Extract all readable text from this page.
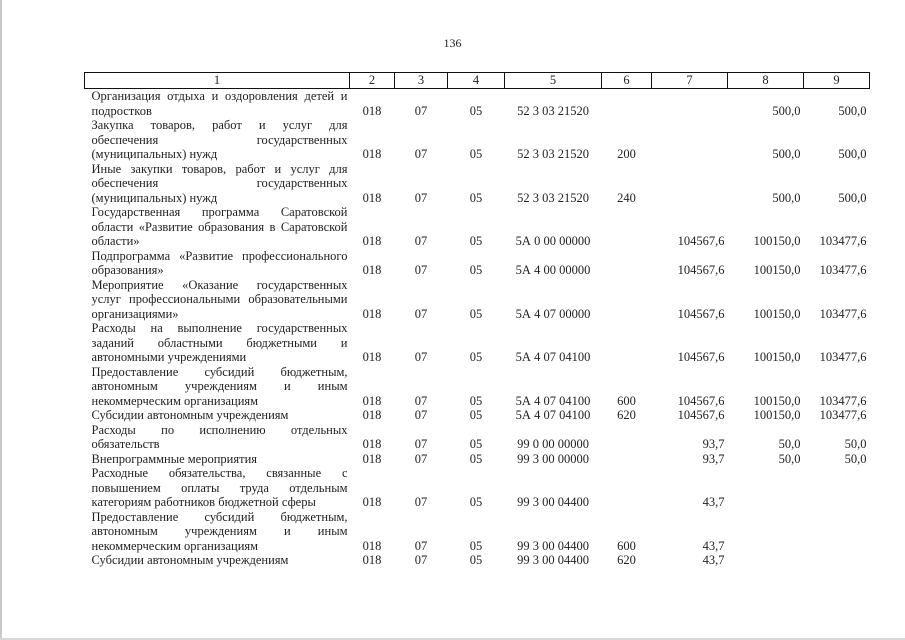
136
1	2	3	4	5	6	7	8	9
Организация отдыха и оздоровления детей и подростков	018	07	05	52 3 03 21520			500,0	500,0
Закупка товаров, работ и услуг для обеспечения государственных (муниципальных) нужд	018	07	05	52 3 03 21520	200		500,0	500,0
Иные закупки товаров, работ и услуг для обеспечения государственных (муниципальных) нужд	018	07	05	52 3 03 21520	240		500,0	500,0
Государственная программа Саратовской области «Развитие образования в Саратовской области»	018	07	05	5А 0 00 00000		104567,6	100150,0	103477,6
Подпрограмма «Развитие профессионального образования»	018	07	05	5А 4 00 00000		104567,6	100150,0	103477,6
Мероприятие «Оказание государственных услуг профессиональными образовательными организациями»	018	07	05	5А 4 07 00000		104567,6	100150,0	103477,6
Расходы на выполнение государственных заданий областными бюджетными и автономными учреждениями	018	07	05	5А 4 07 04100		104567,6	100150,0	103477,6
Предоставление субсидий бюджетным, автономным учреждениям и иным некоммерческим организациям	018	07	05	5А 4 07 04100	600	104567,6	100150,0	103477,6
Субсидии автономным учреждениям	018	07	05	5А 4 07 04100	620	104567,6	100150,0	103477,6
Расходы по исполнению отдельных обязательств	018	07	05	99 0 00 00000		93,7	50,0	50,0
Внепрограммные мероприятия	018	07	05	99 3 00 00000		93,7	50,0	50,0
Расходные обязательства, связанные с повышением оплаты труда отдельным категориям работников бюджетной сферы	018	07	05	99 3 00 04400		43,7		
Предоставление субсидий бюджетным, автономным учреждениям и иным некоммерческим организациям	018	07	05	99 3 00 04400	600	43,7		
Субсидии автономным учреждениям	018	07	05	99 3 00 04400	620	43,7		
